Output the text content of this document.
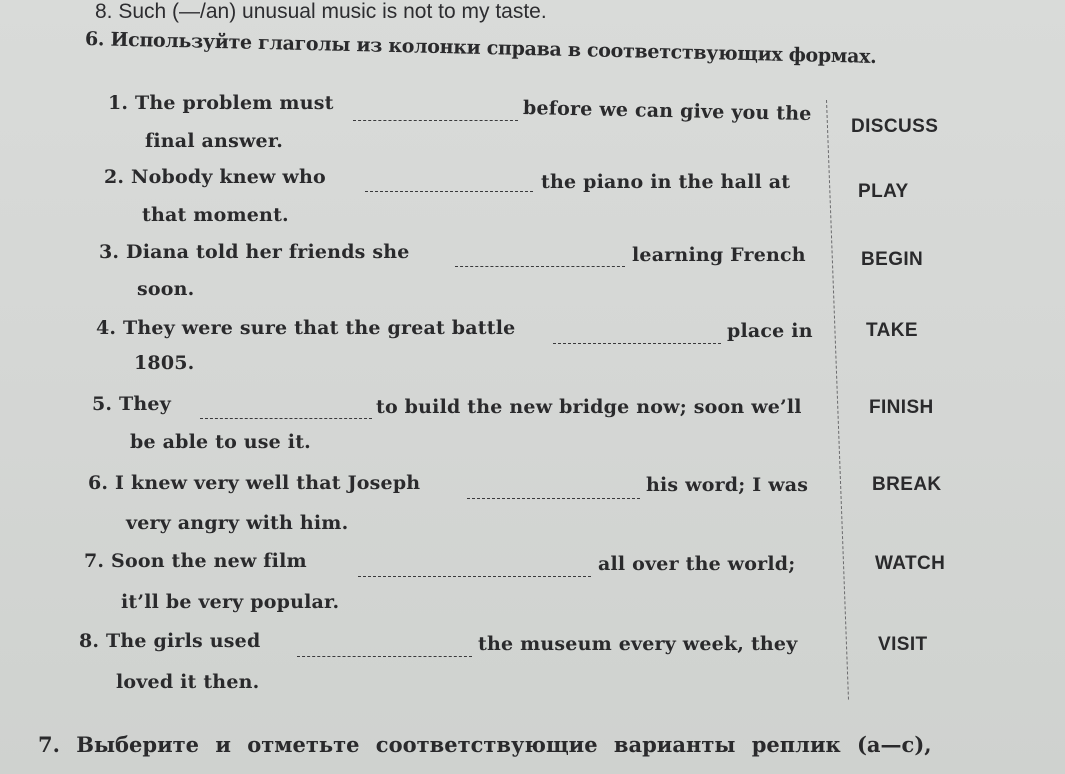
8. Such (—/an) unusual music is not to my taste.
6. Используйте глаголы из колонки справа в соответствующих формах.
1. The problem must	before we can give you the
final answer.
DISCUSS
2. Nobody knew who	the piano in the hall at
that moment.
PLAY
3. Diana told her friends she	learning French
soon.
BEGIN
4. They were sure that the great battle	place in
1805.
TAKE
5. They	to build the new bridge now; soon we’ll
be able to use it.
FINISH
6. I knew very well that Joseph	his word; I was
very angry with him.
BREAK
7. Soon the new film	all over the world;
it’ll be very popular.
WATCH
8. The girls used	the museum every week, they
loved it then.
VISIT
7. Выберите и отметьте соответствующие варианты реплик (a—c),
